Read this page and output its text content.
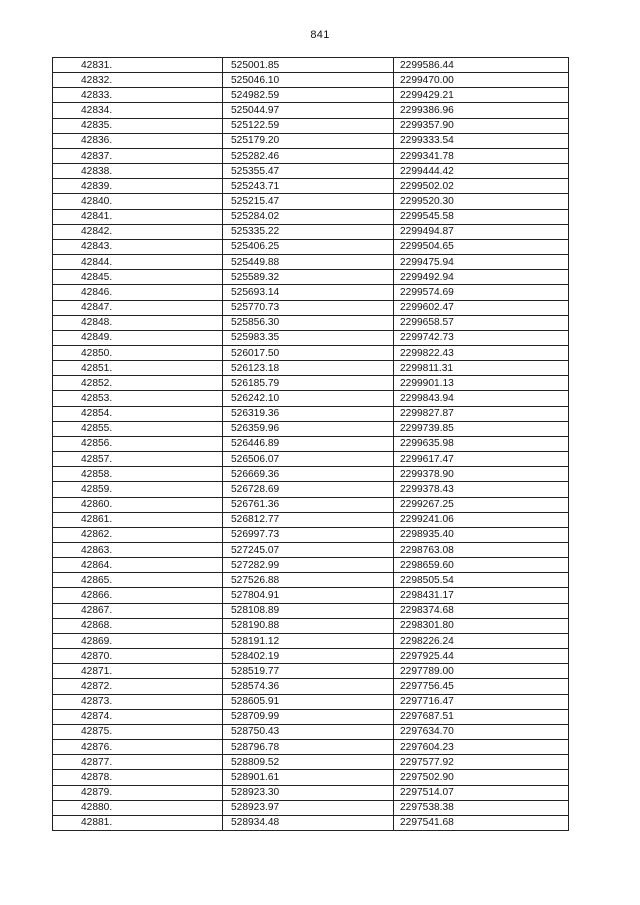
841
42831.	525001.85	2299586.44
42832.	525046.10	2299470.00
42833.	524982.59	2299429.21
42834.	525044.97	2299386.96
42835.	525122.59	2299357.90
42836.	525179.20	2299333.54
42837.	525282.46	2299341.78
42838.	525355.47	2299444.42
42839.	525243.71	2299502.02
42840.	525215.47	2299520.30
42841.	525284.02	2299545.58
42842.	525335.22	2299494.87
42843.	525406.25	2299504.65
42844.	525449.88	2299475.94
42845.	525589.32	2299492.94
42846.	525693.14	2299574.69
42847.	525770.73	2299602.47
42848.	525856.30	2299658.57
42849.	525983.35	2299742.73
42850.	526017.50	2299822.43
42851.	526123.18	2299811.31
42852.	526185.79	2299901.13
42853.	526242.10	2299843.94
42854.	526319.36	2299827.87
42855.	526359.96	2299739.85
42856.	526446.89	2299635.98
42857.	526506.07	2299617.47
42858.	526669.36	2299378.90
42859.	526728.69	2299378.43
42860.	526761.36	2299267.25
42861.	526812.77	2299241.06
42862.	526997.73	2298935.40
42863.	527245.07	2298763.08
42864.	527282.99	2298659.60
42865.	527526.88	2298505.54
42866.	527804.91	2298431.17
42867.	528108.89	2298374.68
42868.	528190.88	2298301.80
42869.	528191.12	2298226.24
42870.	528402.19	2297925.44
42871.	528519.77	2297789.00
42872.	528574.36	2297756.45
42873.	528605.91	2297716.47
42874.	528709.99	2297687.51
42875.	528750.43	2297634.70
42876.	528796.78	2297604.23
42877.	528809.52	2297577.92
42878.	528901.61	2297502.90
42879.	528923.30	2297514.07
42880.	528923.97	2297538.38
42881.	528934.48	2297541.68
